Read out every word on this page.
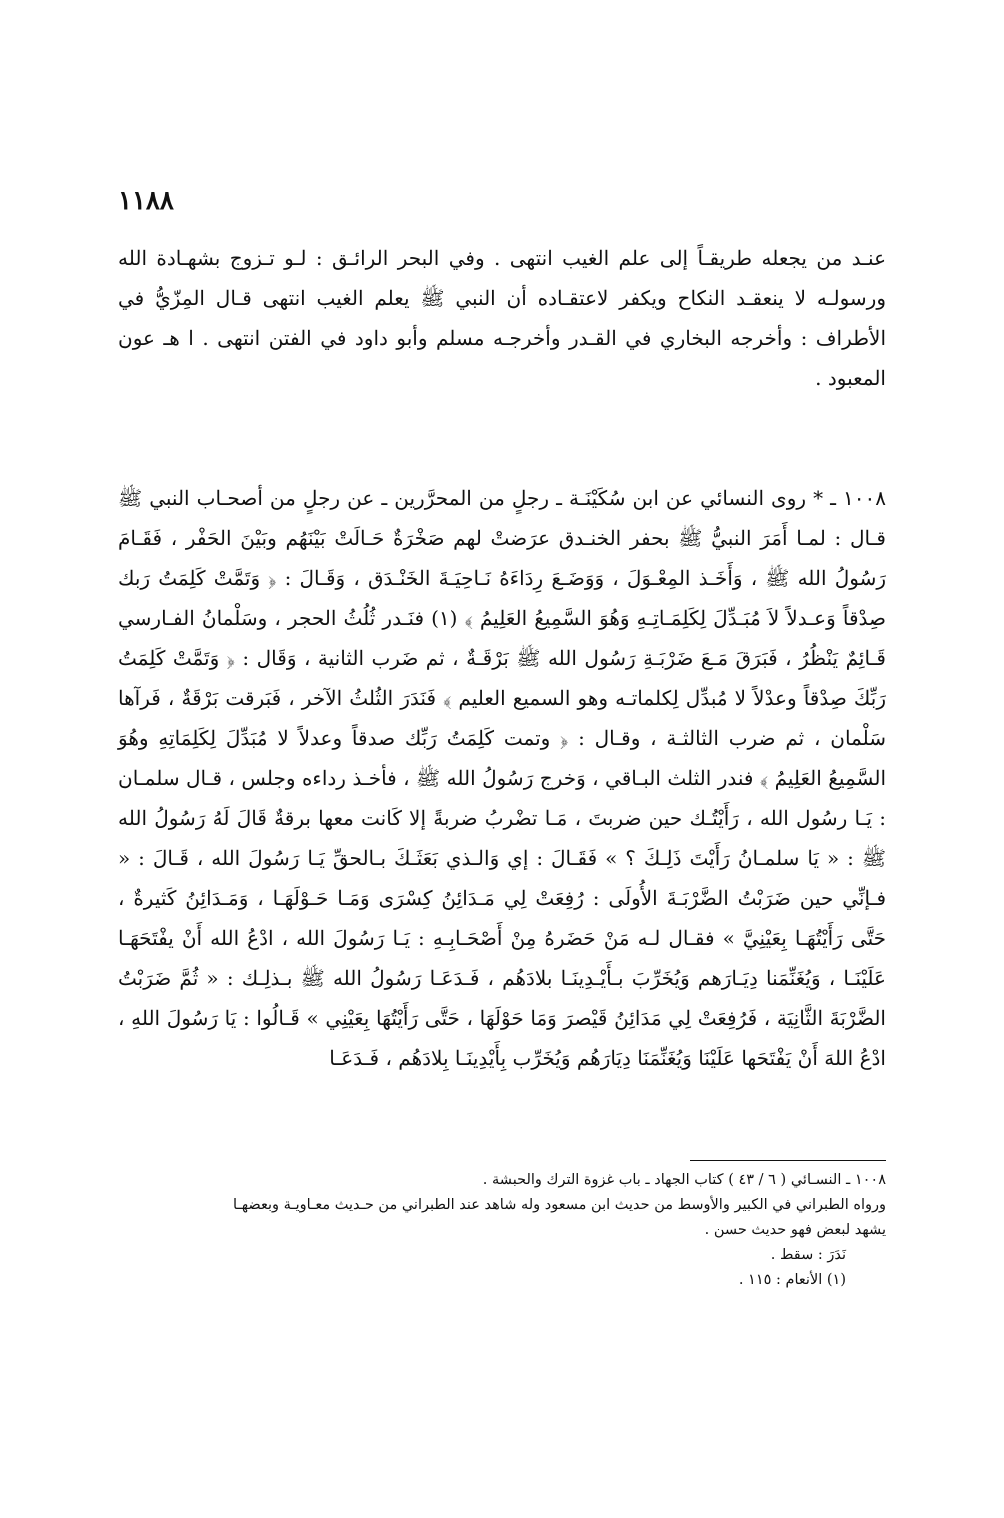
١١٨٨

عنـد من يجعله طريقـاً إلى علم الغيب انتهى . وفي البحر الرائـق : لـو تـزوج بشهـادة الله ورسولـه لا ينعقـد النكاح ويكفر لاعتقـاده أن النبي ﷺ يعلم الغيب انتهى قـال المِزّيُّ في الأطراف : وأخرجه البخاري في القـدر وأخرجـه مسلم وأبو داود في الفتن انتهى . ا هـ عون المعبود .

١٠٠٨ ـ * روى النسائي عن ابن سُكَيْنَـة ـ رجلٍ من المحرَّرين ـ عن رجلٍ من أصحـاب النبي ﷺ قـال : لمـا أَمَرَ النبيُّ ﷺ بحفر الخنـدق عرَضتْ لهم صَخْرَةٌ حَـالَتْ بَيْنَهُم وبَيْنَ الحَفْر ، فَقَـامَ رَسُولُ الله ﷺ ، وَأَخَـذ المِعْـوَلَ ، وَوَضَـعَ رِدَاءَهُ نَـاحِيَـةَ الخَنْـدَق ، وَقَـالَ : ﴿ وَتَمَّتْ كَلِمَتُ رَبك صِدْقاً وَعـدلاً لاَ مُبَـدِّلَ لِكَلِمَـاتِـهِ وَهُوَ السَّمِيعُ العَلِيمُ ﴾ (١) فنَـدر ثُلُثُ الحجر ، وسَلْمانُ الفـارسي قَـائِمٌ يَنْظُرُ ، فَبَرَقَ مَـعَ ضَرْبَـةِ رَسُول الله ﷺ بَرْقَـةٌ ، ثم ضَرب الثانية ، وَقَال : ﴿ وَتَمَّتْ كَلِمَتُ رَبِّكَ صِدْقاً وعدْلاً لا مُبدِّل لِكلماتـه وهو السميع العليم ﴾ فَنَدَرَ الثُلثُ الآخر ، فَبَرقت بَرْقَةٌ ، فَرآها سَلْمان ، ثم ضرب الثالثـة ، وقـال : ﴿ وتمت كَلِمَتُ رَبِّك صدقاً وعدلاً لا مُبَدِّلَ لِكَلِمَاتِهِ وهُوَ السَّمِيعُ العَلِيمُ ﴾ فندر الثلث البـاقي ، وَخرج رَسُولُ الله ﷺ ، فأخـذ رداءه وجلس ، قـال سلمـان : يَـا رسُول الله ، رَأَيْتُـك حين ضربتَ ، مَـا تضْربُ ضربةً إلا كَانت معها برقةٌ قَالَ لَهُ رَسُولُ الله ﷺ : « يَا سلمـانُ رَأَيْتَ ذَلِـكَ ؟ » فَقَـالَ : إي وَالـذي بَعَثَـكَ بـالحقِّ يَـا رَسُولَ الله ، قَـالَ : « فـإنِّي حين ضَرَبْتُ الضَّرْبَـةَ الأُولَى : رُفِعَتْ لِي مَـدَائِنُ كِسْرَى وَمَـا حَـوْلَهَـا ، وَمَـدَائِنُ كَثيرةٌ ، حَتَّى رَأَيْتُهَـا بِعَيْنِيَّ » فقـال لـه مَنْ حَضَرهُ مِنْ أَصْحَـابِـهِ : يَـا رَسُولَ الله ، ادْعُ الله أَنْ يفْتَحَهَـا عَلَيْنَـا ، وَيُغَنِّمَنا دِيَـارَهم وَيُخَرِّبَ بـأَيْـدِينَـا بلادَهُم ، فَـدَعَـا رَسُولُ الله ﷺ بـذلِـك : « ثُمَّ ضَرَبْتُ الضَّرْبَةَ الثَّانِيَة ، فَرُفِعَتْ لِي مَدَائِنُ قَيْصرَ وَمَا حَوْلَهَا ، حَتَّى رَأَيْتُهَا بِعَيْنِي » قَـالُوا : يَا رَسُولَ اللهِ ، ادْعُ اللهَ أَنْ يَفْتَحَها عَلَيْنَا وَيُغَنِّمَنَا دِيَارَهُم وَيُخَرِّب بِأَيْدِينَـا بِلادَهُم ، فَـدَعَـا

١٠٠٨ ـ النسـائي ( ٦ / ٤٣ ) كتاب الجهاد ـ باب غزوة الترك والحبشة .

ورواه الطبراني في الكبير والأوسط من حديث ابن مسعود وله شاهد عند الطبراني من حـديث معـاويـة وبعضهـا

يشهد لبعض فهو حديث حسن .

نَدَرَ : سقط .

(١) الأنعام : ١١٥ .
